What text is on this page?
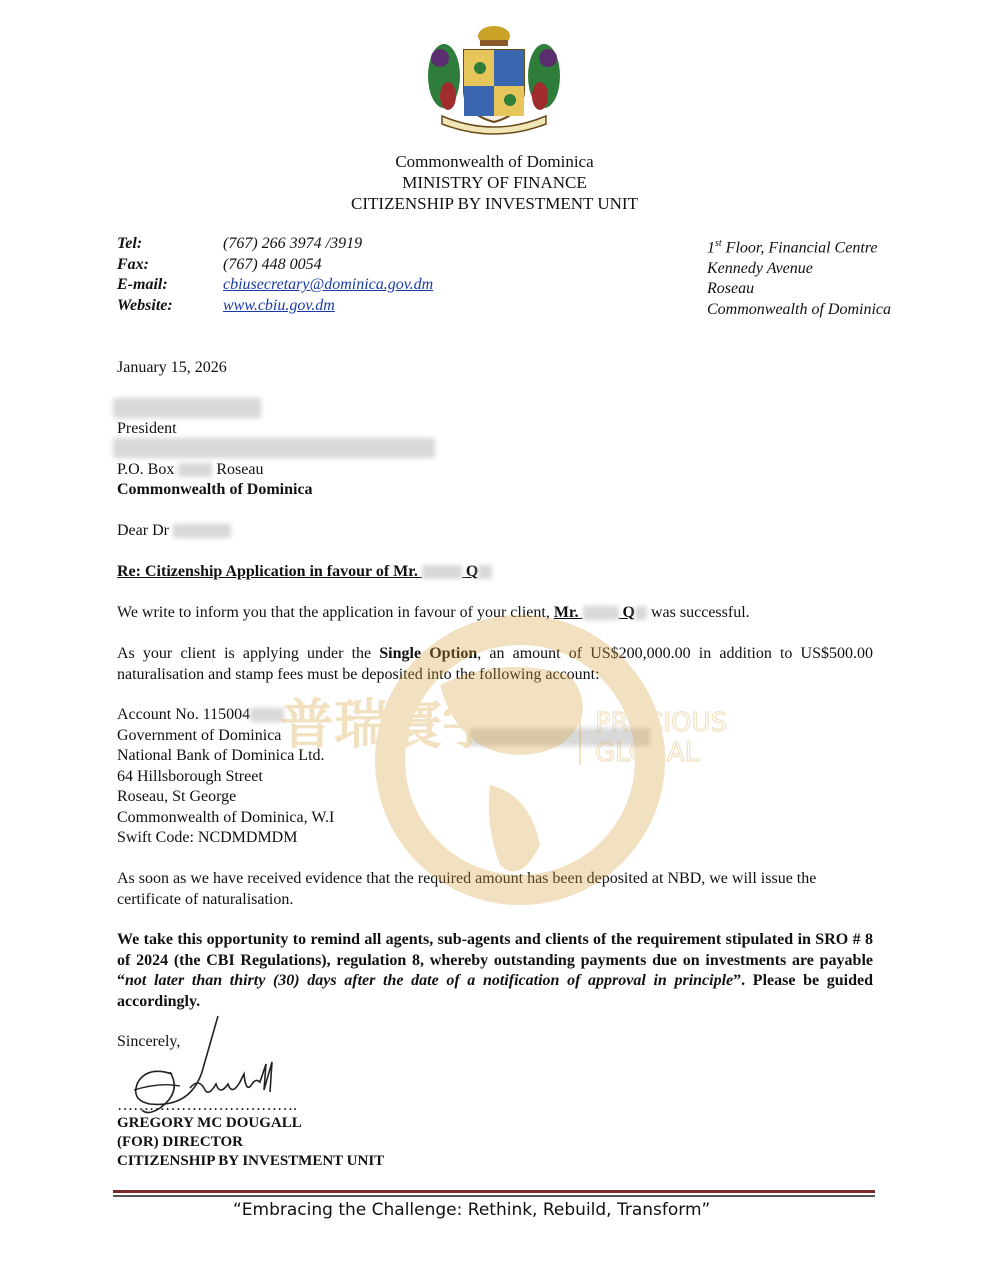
Commonwealth of Dominica
MINISTRY OF FINANCE
CITIZENSHIP BY INVESTMENT UNIT
Tel:	(767) 266 3974 /3919
Fax:	(767) 448 0054
E-mail:	cbiusecretary@dominica.gov.dm
Website:	www.cbiu.gov.dm
1st Floor, Financial Centre
Kennedy Avenue
Roseau
Commonwealth of Dominica
January 15, 2026
President
P.O. Box	Roseau
Commonwealth of Dominica
Dear Dr
Re: Citizenship Application in favour of Mr.	Q
We write to inform you that the application in favour of your client, Mr.	Q was successful.
As your client is applying under the Single Option, an amount of US$200,000.00 in addition to US$500.00 naturalisation and stamp fees must be deposited into the following account:
Account No. 115004
Government of Dominica
National Bank of Dominica Ltd.
64 Hillsborough Street
Roseau, St George
Commonwealth of Dominica, W.I
Swift Code: NCDMDMDM
As soon as we have received evidence that the required amount has been deposited at NBD, we will issue the certificate of naturalisation.
We take this opportunity to remind all agents, sub-agents and clients of the requirement stipulated in SRO # 8 of 2024 (the CBI Regulations), regulation 8, whereby outstanding payments due on investments are payable “not later than thirty (30) days after the date of a notification of approval in principle”. Please be guided accordingly.
Sincerely,
…………………………….
GREGORY MC DOUGALL
(FOR) DIRECTOR
CITIZENSHIP BY INVESTMENT UNIT
“Embracing the Challenge: Rethink, Rebuild, Transform”
普瑞寰宇	PRECIOUS
GLOBAL
